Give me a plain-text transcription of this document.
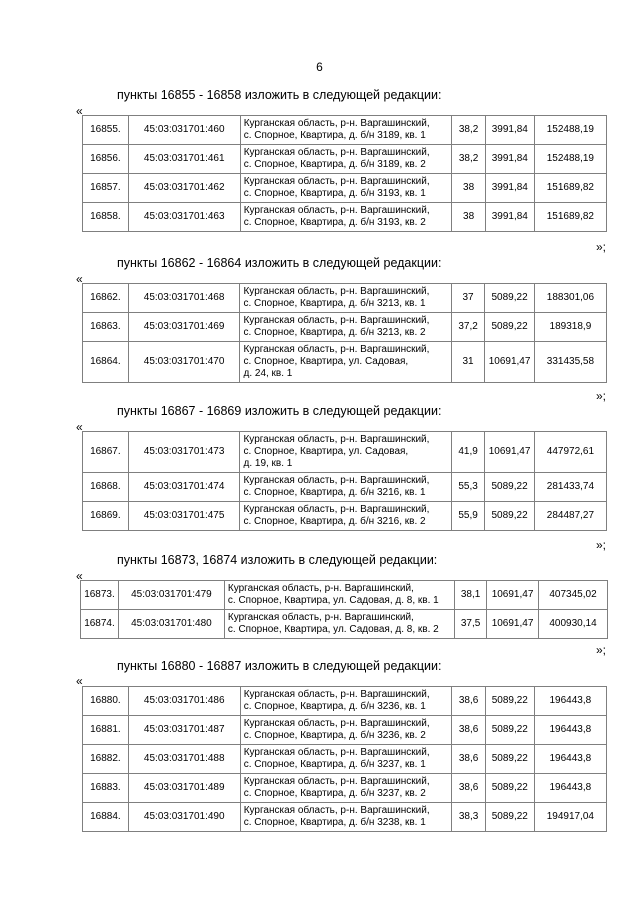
6
пункты 16855 - 16858 изложить в следующей редакции:
«
16855.	45:03:031701:460	Курганская область, р-н. Варгашинский,
с. Спорное, Квартира, д. б/н 3189, кв. 1	38,2	3991,84	152488,19
16856.	45:03:031701:461	Курганская область, р-н. Варгашинский,
с. Спорное, Квартира, д. б/н 3189, кв. 2	38,2	3991,84	152488,19
16857.	45:03:031701:462	Курганская область, р-н. Варгашинский,
с. Спорное, Квартира, д. б/н 3193, кв. 1	38	3991,84	151689,82
16858.	45:03:031701:463	Курганская область, р-н. Варгашинский,
с. Спорное, Квартира, д. б/н 3193, кв. 2	38	3991,84	151689,82
»;
пункты 16862 - 16864 изложить в следующей редакции:
«
16862.	45:03:031701:468	Курганская область, р-н. Варгашинский,
с. Спорное, Квартира, д. б/н 3213, кв. 1	37	5089,22	188301,06
16863.	45:03:031701:469	Курганская область, р-н. Варгашинский,
с. Спорное, Квартира, д. б/н 3213, кв. 2	37,2	5089,22	189318,9
16864.	45:03:031701:470	Курганская область, р-н. Варгашинский,
с. Спорное, Квартира, ул. Садовая,
д. 24, кв. 1	31	10691,47	331435,58
»;
пункты 16867 - 16869 изложить в следующей редакции:
«
16867.	45:03:031701:473	Курганская область, р-н. Варгашинский,
с. Спорное, Квартира, ул. Садовая,
д. 19, кв. 1	41,9	10691,47	447972,61
16868.	45:03:031701:474	Курганская область, р-н. Варгашинский,
с. Спорное, Квартира, д. б/н 3216, кв. 1	55,3	5089,22	281433,74
16869.	45:03:031701:475	Курганская область, р-н. Варгашинский,
с. Спорное, Квартира, д. б/н 3216, кв. 2	55,9	5089,22	284487,27
»;
пункты 16873, 16874 изложить в следующей редакции:
«
16873.	45:03:031701:479	Курганская область, р-н. Варгашинский,
с. Спорное, Квартира, ул. Садовая, д. 8, кв. 1	38,1	10691,47	407345,02
16874.	45:03:031701:480	Курганская область, р-н. Варгашинский,
с. Спорное, Квартира, ул. Садовая, д. 8, кв. 2	37,5	10691,47	400930,14
»;
пункты 16880 - 16887 изложить в следующей редакции:
«
16880.	45:03:031701:486	Курганская область, р-н. Варгашинский,
с. Спорное, Квартира, д. б/н 3236, кв. 1	38,6	5089,22	196443,8
16881.	45:03:031701:487	Курганская область, р-н. Варгашинский,
с. Спорное, Квартира, д. б/н 3236, кв. 2	38,6	5089,22	196443,8
16882.	45:03:031701:488	Курганская область, р-н. Варгашинский,
с. Спорное, Квартира, д. б/н 3237, кв. 1	38,6	5089,22	196443,8
16883.	45:03:031701:489	Курганская область, р-н. Варгашинский,
с. Спорное, Квартира, д. б/н 3237, кв. 2	38,6	5089,22	196443,8
16884.	45:03:031701:490	Курганская область, р-н. Варгашинский,
с. Спорное, Квартира, д. б/н 3238, кв. 1	38,3	5089,22	194917,04
